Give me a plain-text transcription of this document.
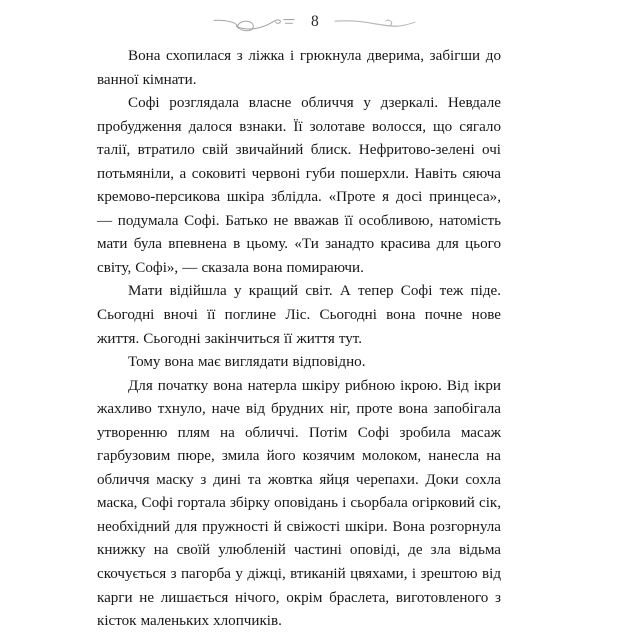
8

Вона схопилася з ліжка і грюкнула дверима, забігши до ванної кімнати.

Софі розглядала власне обличчя у дзеркалі. Невдале пробудження далося взнаки. Її золотаве волосся, що сягало талії, втратило свій звичайний блиск. Нефритово-зелені очі потьмяніли, а соковиті червоні губи пошерхли. Навіть сяюча кремово-персикова шкіра зблідла. «Проте я досі принцеса», — подумала Софі. Батько не вважав її особливою, натомість мати була впевнена в цьому. «Ти занадто красива для цього світу, Софі», — сказала вона помираючи.

Мати відійшла у кращий світ. А тепер Софі теж піде. Сьогодні вночі її поглине Ліс. Сьогодні вона почне нове життя. Сьогодні закінчиться її життя тут.

Тому вона має виглядати відповідно.

Для початку вона натерла шкіру рибною ікрою. Від ікри жахливо тхнуло, наче від брудних ніг, проте вона запобігала утворенню плям на обличчі. Потім Софі зробила масаж гарбузовим пюре, змила його козячим молоком, нанесла на обличчя маску з дині та жовтка яйця черепахи. Доки сохла маска, Софі гортала збірку оповідань і сьорбала огірковий сік, необхідний для пружності й свіжості шкіри. Вона розгорнула книжку на своїй улюбленій частині оповіді, де зла відьма скочується з пагорба у діжці, втиканій цвяхами, і зрештою від карги не лишається нічого, окрім браслета, виготовленого з кісток маленьких хлопчиків.
